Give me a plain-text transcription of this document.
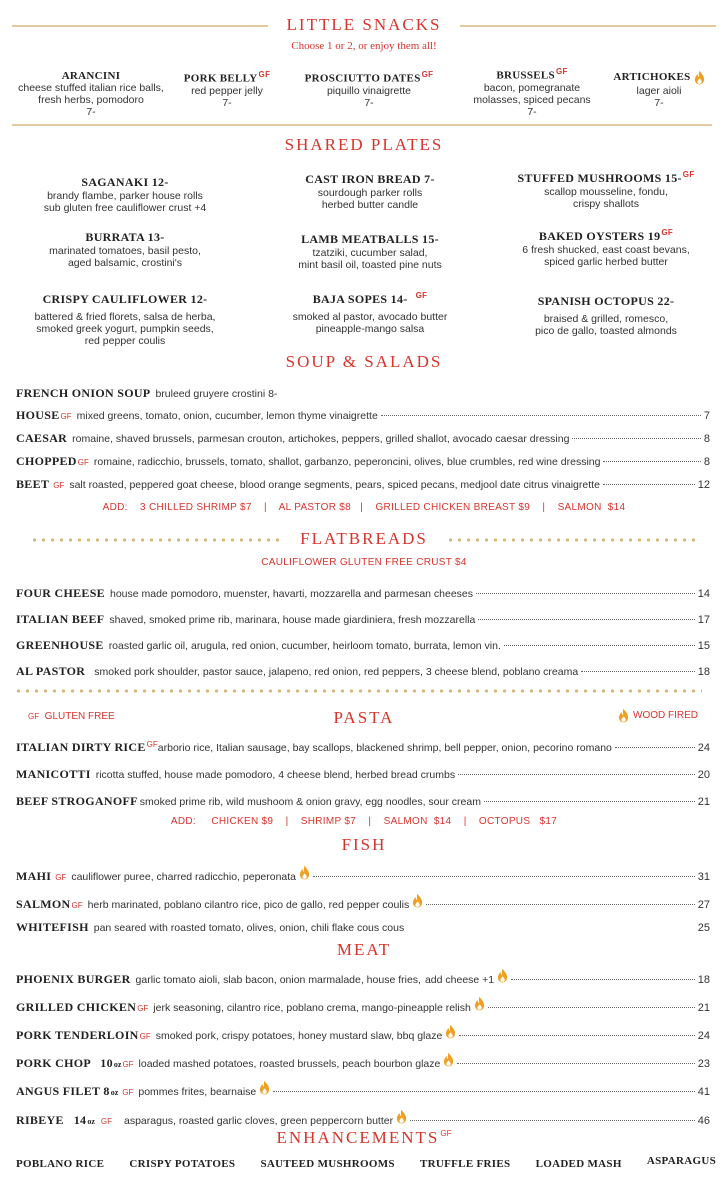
LITTLE SNACKS
Choose 1 or 2, or enjoy them all!
ARANCINI
cheese stuffed italian rice balls,
fresh herbs, pomodoro
7-
PORK $BELLY^{GF}$
red pepper jelly
7-
PROSCIUTTO $DATES^{GF}$
piquillo vinaigrette
7-
$BRUSSELS^{GF}$
bacon, pomegranate
molasses, spiced pecans
7-
ARTICHOKES
lager aioli
7-
SHARED PLATES
SAGANAKI 12-
brandy flambe, parker house rolls
sub gluten free cauliflower crust +4
CAST IRON BREAD 7-
sourdough parker rolls
herbed butter candle
STUFFED MUSHROOMS 15-$^{GF}$
scallop mousseline, fondu,
crispy shallots
BURRATA 13-
marinated tomatoes, basil pesto,
aged balsamic, crostini's
LAMB MEATBALLS 15-
tzatziki, cucumber salad,
mint basil oil, toasted pine nuts
BAKED OYSTERS $19^{GF}$
6 fresh shucked, east coast bevans,
spiced garlic herbed butter
CRISPY CAULIFLOWER 12-
battered & fried florets, salsa de herba,
smoked greek yogurt, pumpkin seeds,
red pepper coulis
BAJA SOPES 14- $^{GF}$
smoked al pastor, avocado butter
pineapple-mango salsa
SPANISH OCTOPUS 22-
braised & grilled, romesco,
pico de gallo, toasted almonds
SOUP & SALADS
FRENCH ONION SOUP bruleed gruyere crostini 8-
HOUSE GF mixed greens, tomato, onion, cucumber, lemon thyme vinaigrette	7
CAESAR romaine, shaved brussels, parmesan crouton, artichokes, peppers, grilled shallot, avocado caesar dressing	8
CHOPPED GF romaine, radicchio, brussels, tomato, shallot, garbanzo, peperoncini, olives, blue crumbles, red wine dressing	8
BEET GF salt roasted, peppered goat cheese, blood orange segments, pears, spiced pecans, medjool date citrus vinaigrette	12
ADD:    3 CHILLED SHRIMP $7    |    AL PASTOR $8   |    GRILLED CHICKEN BREAST $9    |    SALMON  $14
FLATBREADS
CAULIFLOWER GLUTEN FREE CRUST $4
FOUR CHEESE house made pomodoro, muenster, havarti, mozzarella and parmesan cheeses	14
ITALIAN BEEF shaved, smoked prime rib, marinara, house made giardiniera, fresh mozzarella	17
GREENHOUSE roasted garlic oil, arugula, red onion, cucumber, heirloom tomato, burrata, lemon vin.	15
AL PASTOR smoked pork shoulder, pastor sauce, jalapeno, red onion, red peppers, 3 cheese blend, poblano creama	18
GF GLUTEN FREE	PASTA	WOOD FIRED
ITALIAN DIRTY RICE GF arborio rice, Italian sausage, bay scallops, blackened shrimp, bell pepper, onion, pecorino romano	24
MANICOTTI ricotta stuffed, house made pomodoro, 4 cheese blend, herbed bread crumbs	20
BEEF STROGANOFF smoked prime rib, wild mushoom & onion gravy, egg noodles, sour cream	21
ADD:     CHICKEN $9    |    SHRIMP $7    |    SALMON  $14    |    OCTOPUS   $17
FISH
MAHI GF cauliflower puree, charred radicchio, peperonata	31
SALMON GF herb marinated, poblano cilantro rice, pico de gallo, red pepper coulis	27
WHITEFISH pan seared with roasted tomato, olives, onion, chili flake cous cous	25
MEAT
PHOENIX BURGER garlic tomato aioli, slab bacon, onion marmalade, house fries, add cheese +1	18
GRILLED CHICKEN GF jerk seasoning, cilantro rice, poblano crema, mango-pineapple relish	21
PORK TENDERLOIN GF smoked pork, crispy potatoes, honey mustard slaw, bbq glaze	24
PORK CHOP   10 oz GF loaded mashed potatoes, roasted brussels, peach bourbon glaze	23
ANGUS FILET 8 oz GF pommes frites, bearnaise	41
RIBEYE   14 oz GF asparagus, roasted garlic cloves, green peppercorn butter	46
$ENHANCEMENTS^{GF}$
POBLANO RICE CRISPY POTATOES SAUTEED MUSHROOMS TRUFFLE FRIES LOADED MASH ASPARAGUS
